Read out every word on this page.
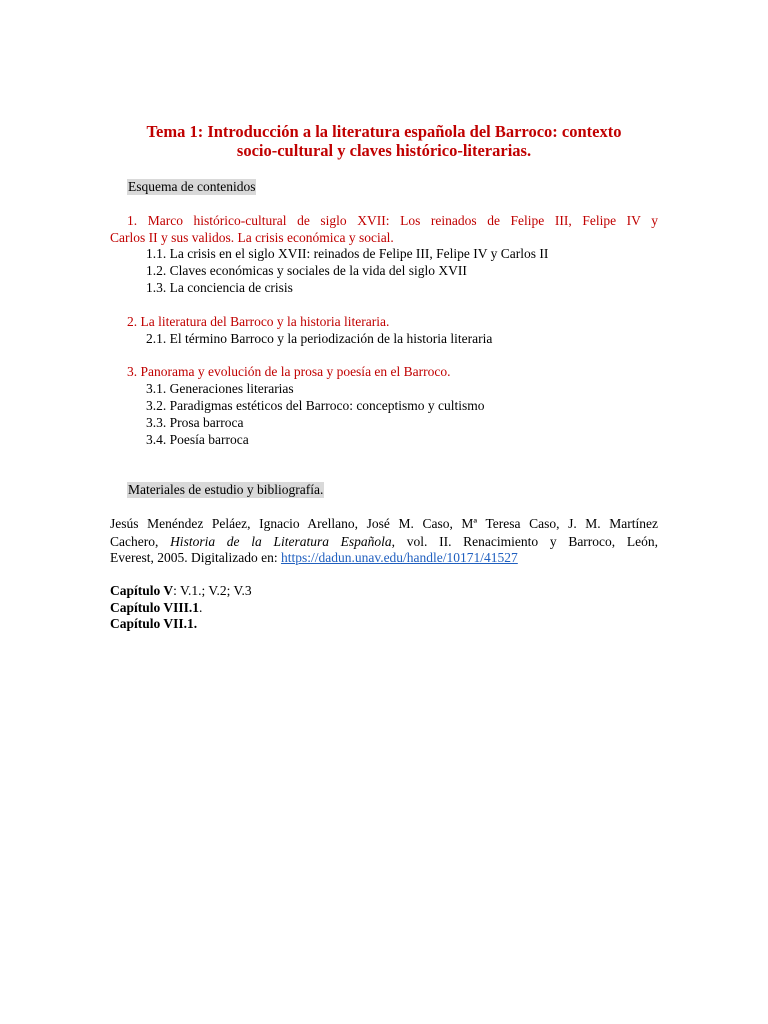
Tema 1: Introducción a la literatura española del Barroco: contexto
socio-cultural y claves histórico-literarias.
Esquema de contenidos
1. Marco histórico-cultural de siglo XVII: Los reinados de Felipe III, Felipe IV y
Carlos II y sus validos. La crisis económica y social.
1.1. La crisis en el siglo XVII: reinados de Felipe III, Felipe IV y Carlos II
1.2. Claves económicas y sociales de la vida del siglo XVII
1.3. La conciencia de crisis
2. La literatura del Barroco y la historia literaria.
2.1. El término Barroco y la periodización de la historia literaria
3. Panorama y evolución de la prosa y poesía en el Barroco.
3.1. Generaciones literarias
3.2. Paradigmas estéticos del Barroco: conceptismo y cultismo
3.3. Prosa barroca
3.4. Poesía barroca
Materiales de estudio y bibliografía.
Jesús Menéndez Peláez, Ignacio Arellano, José M. Caso, Mª Teresa Caso, J. M. Martínez
Cachero, Historia de la Literatura Española, vol. II. Renacimiento y Barroco, León,
Everest, 2005. Digitalizado en: https://dadun.unav.edu/handle/10171/41527
Capítulo V: V.1.; V.2; V.3
Capítulo VIII.1.
Capítulo VII.1.
